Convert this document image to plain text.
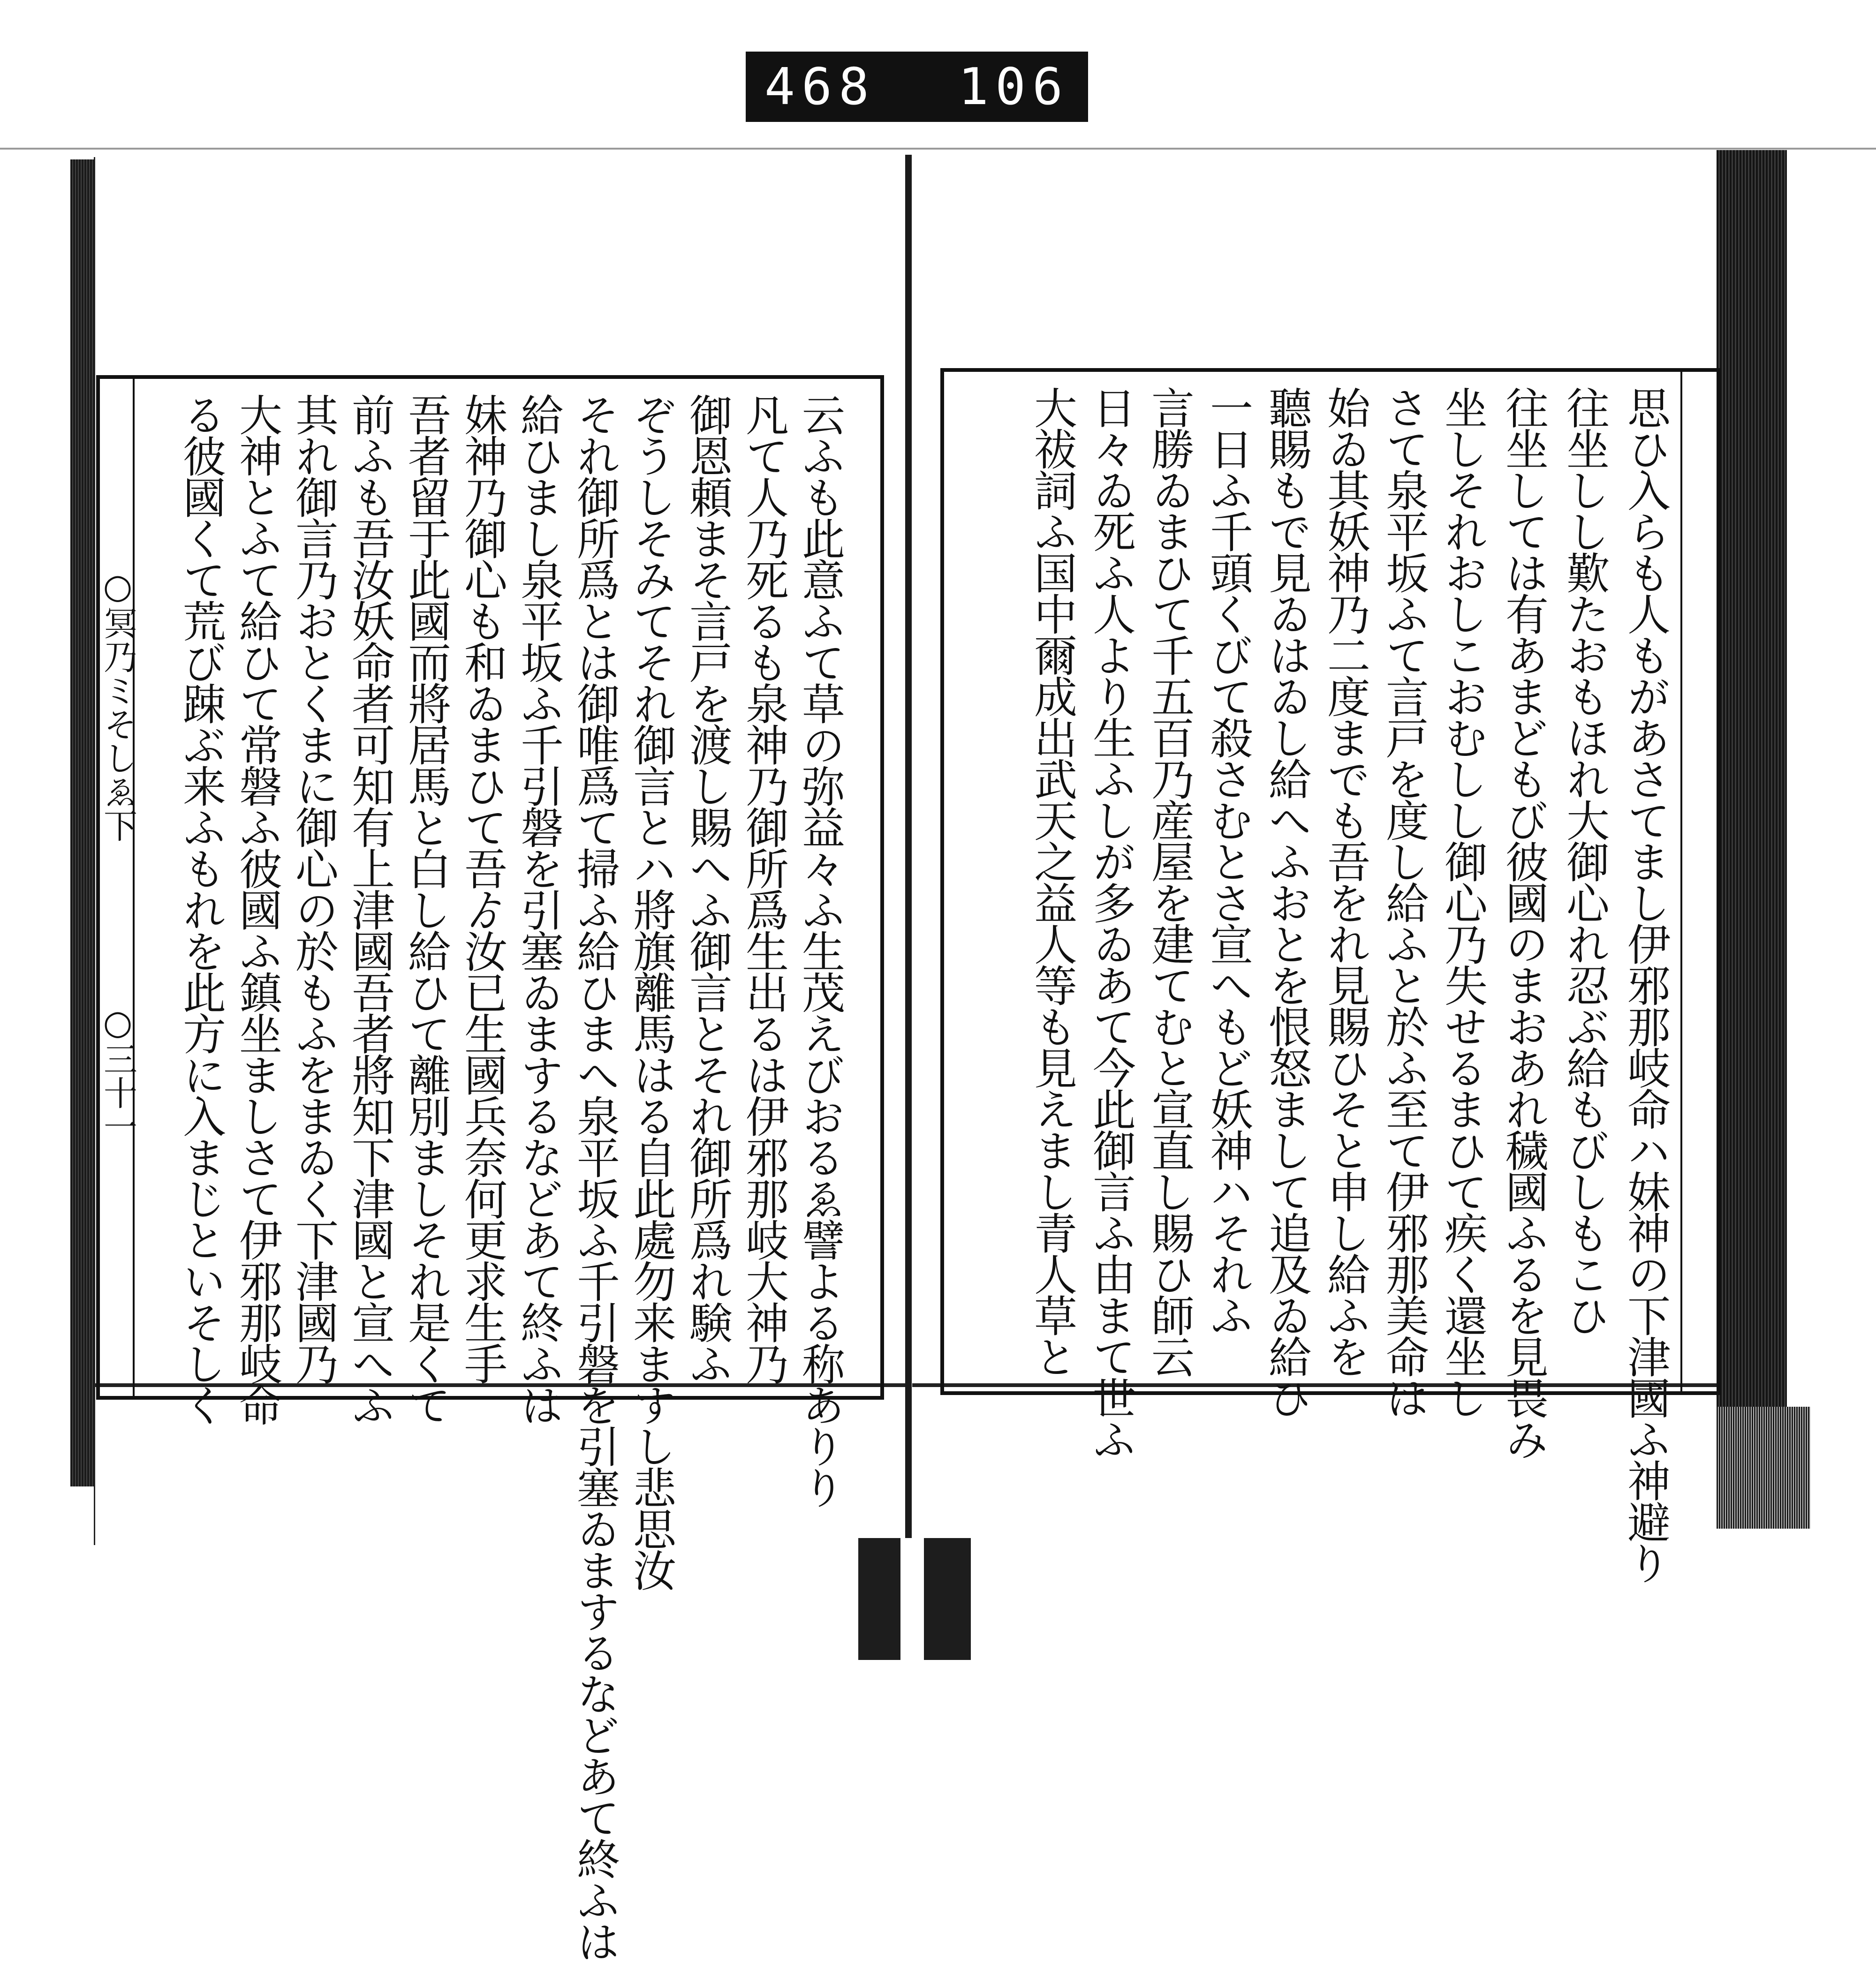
468 106
○冥乃ミそしゑ下
○三十一	云ふも此意ふて草の弥益々ふ生茂えびおるゑ譬よる称ありり
凡て人乃死るも泉神乃御所爲生出るは伊邪那岐大神乃
御恩頼まそ言戸を渡し賜へふ御言とそれ御所爲れ験ふ
ぞうしそみてそれ御言とハ將旗離馬はる自此處勿来ますし悲思汝
それ御所爲とは御唯爲て掃ふ給ひまへ泉平坂ふ千引磐を引塞ゐまするなどあて終ふは
給ひまし泉平坂ふ千引磐を引塞ゐまするなどあて終ふは
妹神乃御心も和ゐまひて吾ゟ汝已生國兵奈何更求生手
吾者留于此國而將居馬と白し給ひて離別ましそれ是くて
前ふも吾汝妖命者可知有上津國吾者將知下津國と宣へふ
其れ御言乃おとくまに御心の於もふをまゐく下津國乃
大神とふて給ひて常磐ふ彼國ふ鎮坐ましさて伊邪那岐命
る彼國くて荒び踈ぶ来ふもれを此方に入まじといそしく	思ひ入らも人もがあさてまし伊邪那岐命ハ妹神の下津國ふ神避り
往坐しし歎たおもほれ大御心れ忍ぶ給もびしもこひ
往坐しては有あまどもび彼國のまおあれ穢國ふるを見畏み
坐しそれおしこおむしし御心乃失せるまひて疾く還坐し
さて泉平坂ふて言戸を度し給ふと於ふ至て伊邪那美命は
始ゐ其妖神乃二度までも吾をれ見賜ひそと申し給ふを
聽賜もで見ゐはゐし給へふおとを恨怒まして追及ゐ給ひ
一日ふ千頭くびて殺さむとさ宣へもど妖神ハそれふ
言勝ゐまひて千五百乃産屋を建てむと宣直し賜ひ師云
日々ゐ死ふ人より生ふしが多ゐあて今此御言ふ由まて世ふ
大祓詞ふ国中爾成出武天之益人等も見えまし青人草と
